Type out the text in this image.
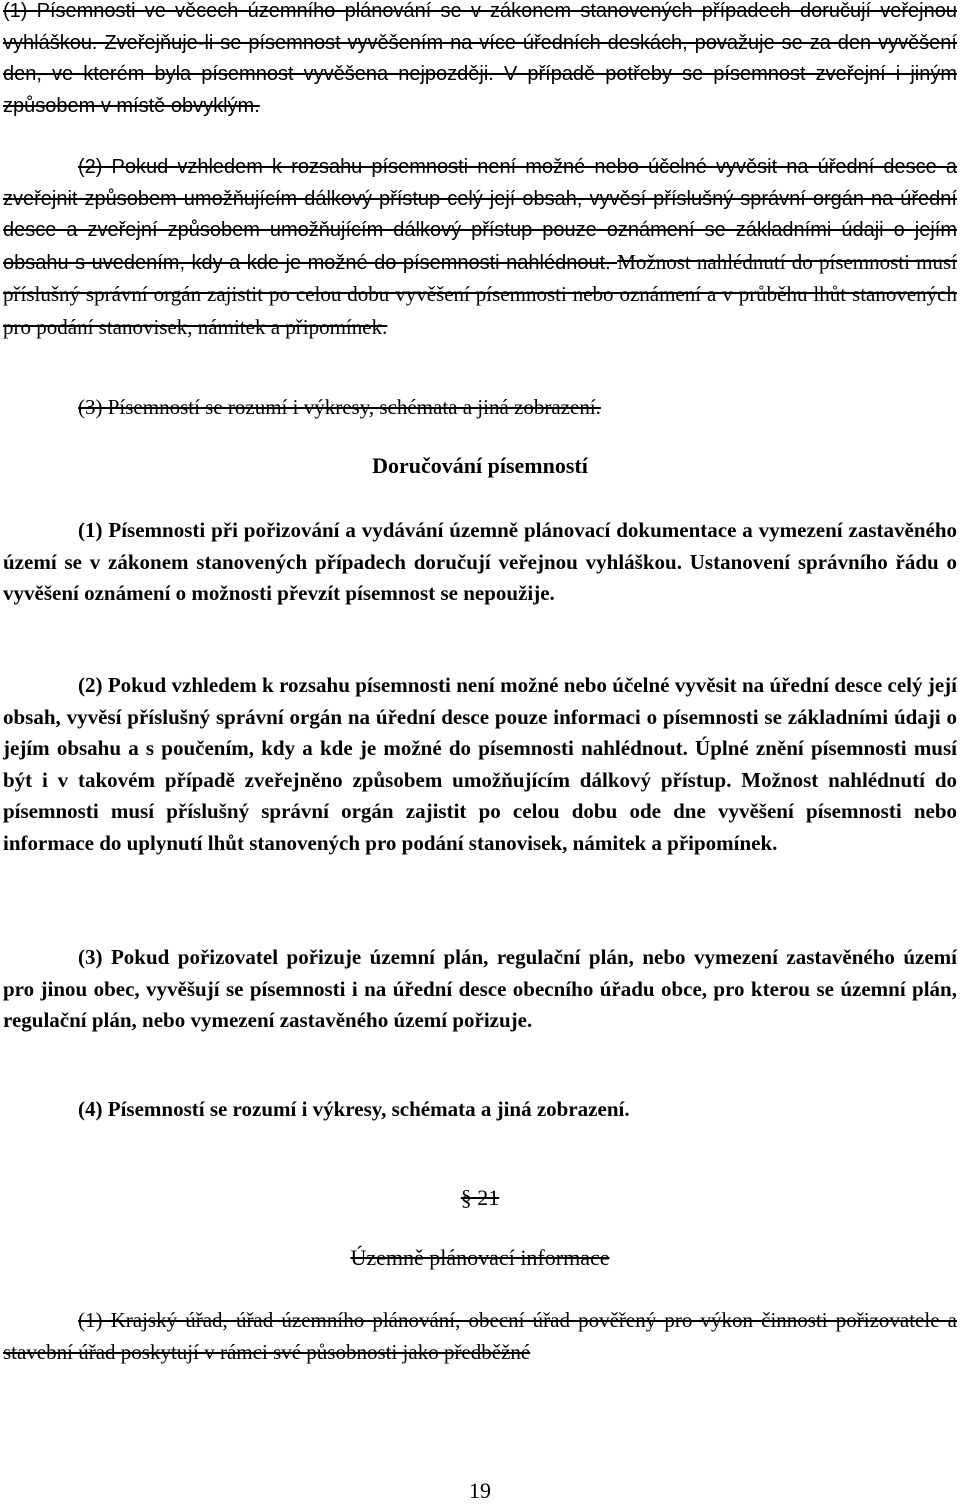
(1) Písemnosti ve věcech územního plánování se v zákonem stanovených případech doručují veřejnou vyhláškou. Zveřejňuje-li se písemnost vyvěšením na více úředních deskách, považuje se za den vyvěšení den, ve kterém byla písemnost vyvěšena nejpozději. V případě potřeby se písemnost zveřejní i jiným způsobem v místě obvyklým.

(2) Pokud vzhledem k rozsahu písemnosti není možné nebo účelné vyvěsit na úřední desce a zveřejnit způsobem umožňujícím dálkový přístup celý její obsah, vyvěsí příslušný správní orgán na úřední desce a zveřejní způsobem umožňujícím dálkový přístup pouze oznámení se základními údaji o jejím obsahu s uvedením, kdy a kde je možné do písemnosti nahlédnout. Možnost nahlédnutí do písemnosti musí příslušný správní orgán zajistit po celou dobu vyvěšení písemnosti nebo oznámení a v průběhu lhůt stanovených pro podání stanovisek, námitek a připomínek.

(3) Písemností se rozumí i výkresy, schémata a jiná zobrazení.

Doručování písemností

(1) Písemnosti při pořizování a vydávání územně plánovací dokumentace a vymezení zastavěného území se v zákonem stanovených případech doručují veřejnou vyhláškou. Ustanovení správního řádu o vyvěšení oznámení o možnosti převzít písemnost se nepoužije.

(2) Pokud vzhledem k rozsahu písemnosti není možné nebo účelné vyvěsit na úřední desce celý její obsah, vyvěsí příslušný správní orgán na úřední desce pouze informaci o písemnosti se základními údaji o jejím obsahu a s poučením, kdy a kde je možné do písemnosti nahlédnout. Úplné znění písemnosti musí být i v takovém případě zveřejněno způsobem umožňujícím dálkový přístup. Možnost nahlédnutí do písemnosti musí příslušný správní orgán zajistit po celou dobu ode dne vyvěšení písemnosti nebo informace do uplynutí lhůt stanovených pro podání stanovisek, námitek a připomínek.

(3) Pokud pořizovatel pořizuje územní plán, regulační plán, nebo vymezení zastavěného území pro jinou obec, vyvěšují se písemnosti i na úřední desce obecního úřadu obce, pro kterou se územní plán, regulační plán, nebo vymezení zastavěného území pořizuje.

(4) Písemností se rozumí i výkresy, schémata a jiná zobrazení.

§ 21
Územně plánovací informace

(1) Krajský úřad, úřad územního plánování, obecní úřad pověřený pro výkon činnosti pořizovatele a stavební úřad poskytují v rámci své působnosti jako předběžné

19
